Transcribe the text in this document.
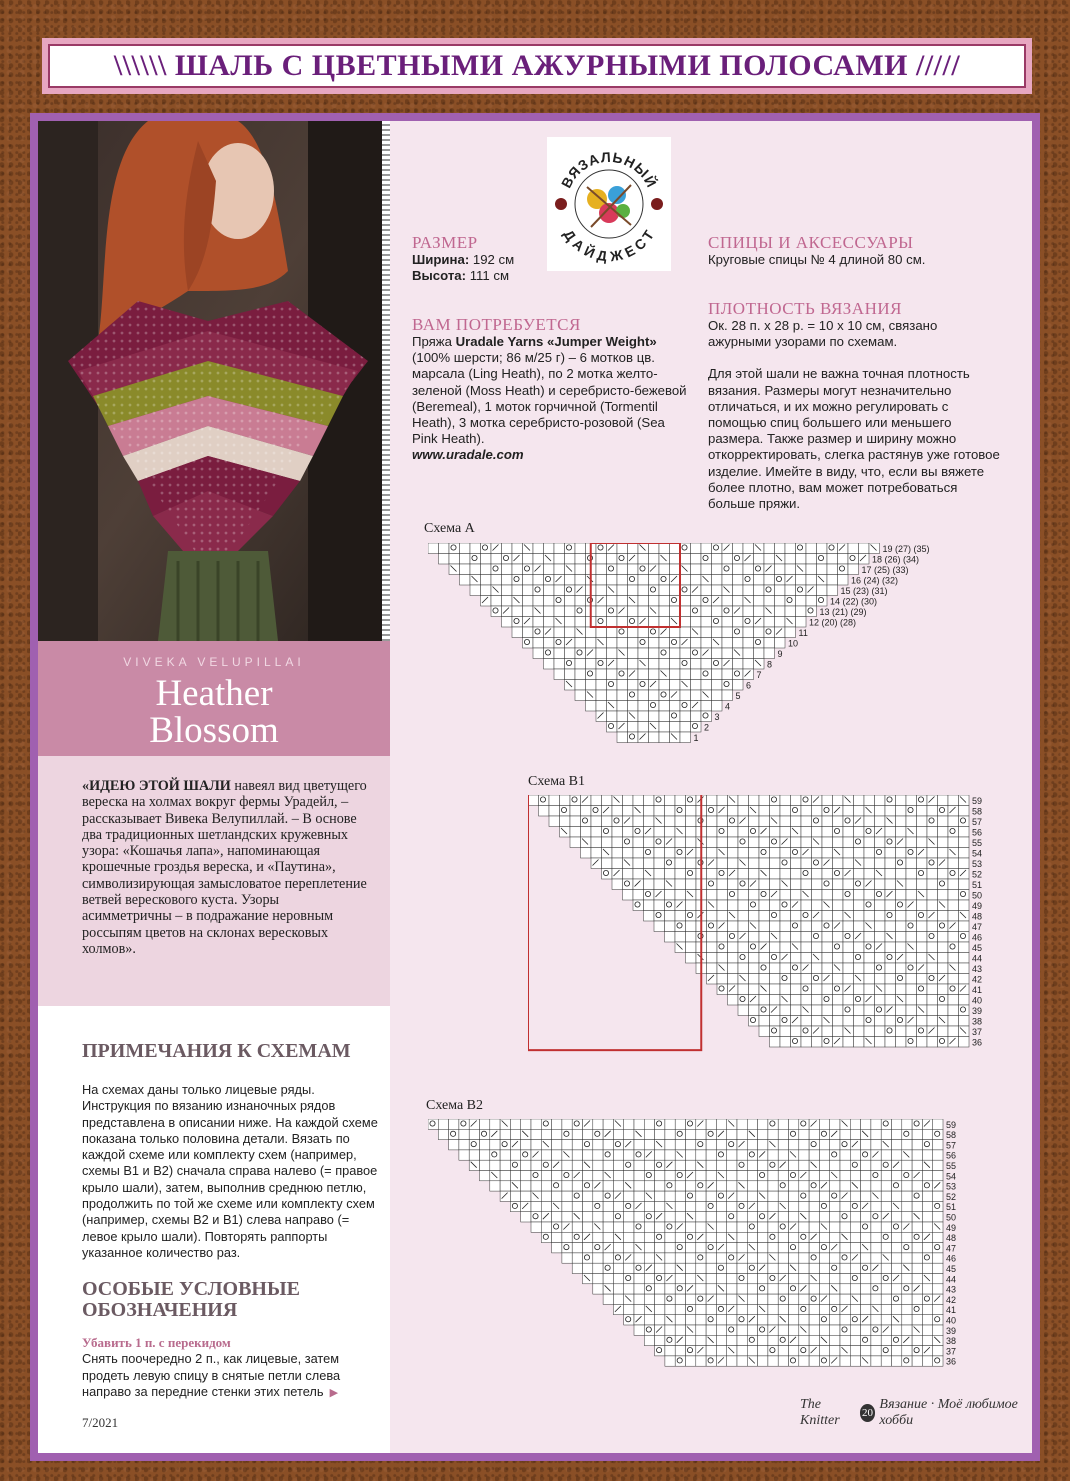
\\\\\\ ШАЛЬ С ЦВЕТНЫМИ АЖУРНЫМИ ПОЛОСАМИ /////
VIVEKA VELUPILLAI
Heather
Blossom

«ИДЕЮ ЭТОЙ ШАЛИ навеял вид цветущего вереска на холмах вокруг фермы Урадейл, – рассказывает Вивека Велупиллай. – В основе два традиционных шетландских кружевных узора: «Кошачья лапа», напоминающая крошечные гроздья вереска, и «Паутина», символизирующая замысловатое переплетение ветвей верескового куста. Узоры асимметричны – в подражание неровным россыпям цветов на склонах вересковых холмов».

ПРИМЕЧАНИЯ К СХЕМАМ

На схемах даны только лицевые ряды. Инструкция по вязанию изнаночных рядов представлена в описании ниже. На каждой схеме показана только половина детали. Вязать по каждой схеме или комплекту схем (например, схемы B1 и B2) сначала справа налево (= правое крыло шали), затем, выполнив среднюю петлю, продолжить по той же схеме или комплекту схем (например, схемы B2 и B1) слева направо (= левое крыло шали). Повторять раппорты указанное количество раз.

ОСОБЫЕ УСЛОВНЫЕ ОБОЗНАЧЕНИЯ
Убавить 1 п. с перекидом

Снять поочередно 2 п., как лицевые, затем продеть левую спицу в снятые петли слева направо за передние стенки этих петель ▶

7/2021
ВЯЗАЛЬНЫЙ
ДАЙДЖЕСТ
РАЗМЕР

Ширина: 192 см

Высота: 111 см

ВАМ ПОТРЕБУЕТСЯ

Пряжа Uradale Yarns «Jumper Weight» (100% шерсти; 86 м/25 г) – 6 мотков цв. марсала (Ling Heath), по 2 мотка желто-зеленой (Moss Heath) и серебристо-бежевой (Beremeal), 1 моток горчичной (Tormentil Heath), 3 мотка серебристо-розовой (Sea Pink Heath).

www.uradale.com

СПИЦЫ И АКСЕССУАРЫ

Круговые спицы № 4 длиной 80 см.

ПЛОТНОСТЬ ВЯЗАНИЯ

Ок. 28 п. х 28 р. = 10 х 10 см, связано ажурными узорами по схемам.

Для этой шали не важна точная плотность вязания. Размеры могут незначительно отличаться, и их можно регулировать с помощью спиц большего или меньшего размера. Также размер и ширину можно откорректировать, слегка растянув уже готовое изделие. Имейте в виду, что, если вы вяжете более плотно, вам может потребоваться больше пряжи.

Схема A
Схема B1
Схема B2
19 (27) (35)
18 (26) (34)
17 (25) (33)
16 (24) (32)
15 (23) (31)
14 (22) (30)
13 (21) (29)
12 (20) (28)
11
10
9
8
7
6
5
4
3
2
1
59
58
57
56
55
54
53
52
51
50
49
48
47
46
45
44
43
42
41
40
39
38
37
36
59
58
57
56
55
54
53
52
51
50
49
48
47
46
45
44
43
42
41
40
39
38
37
36
The Knitter	20
Вязание · Моё любимое хобби
